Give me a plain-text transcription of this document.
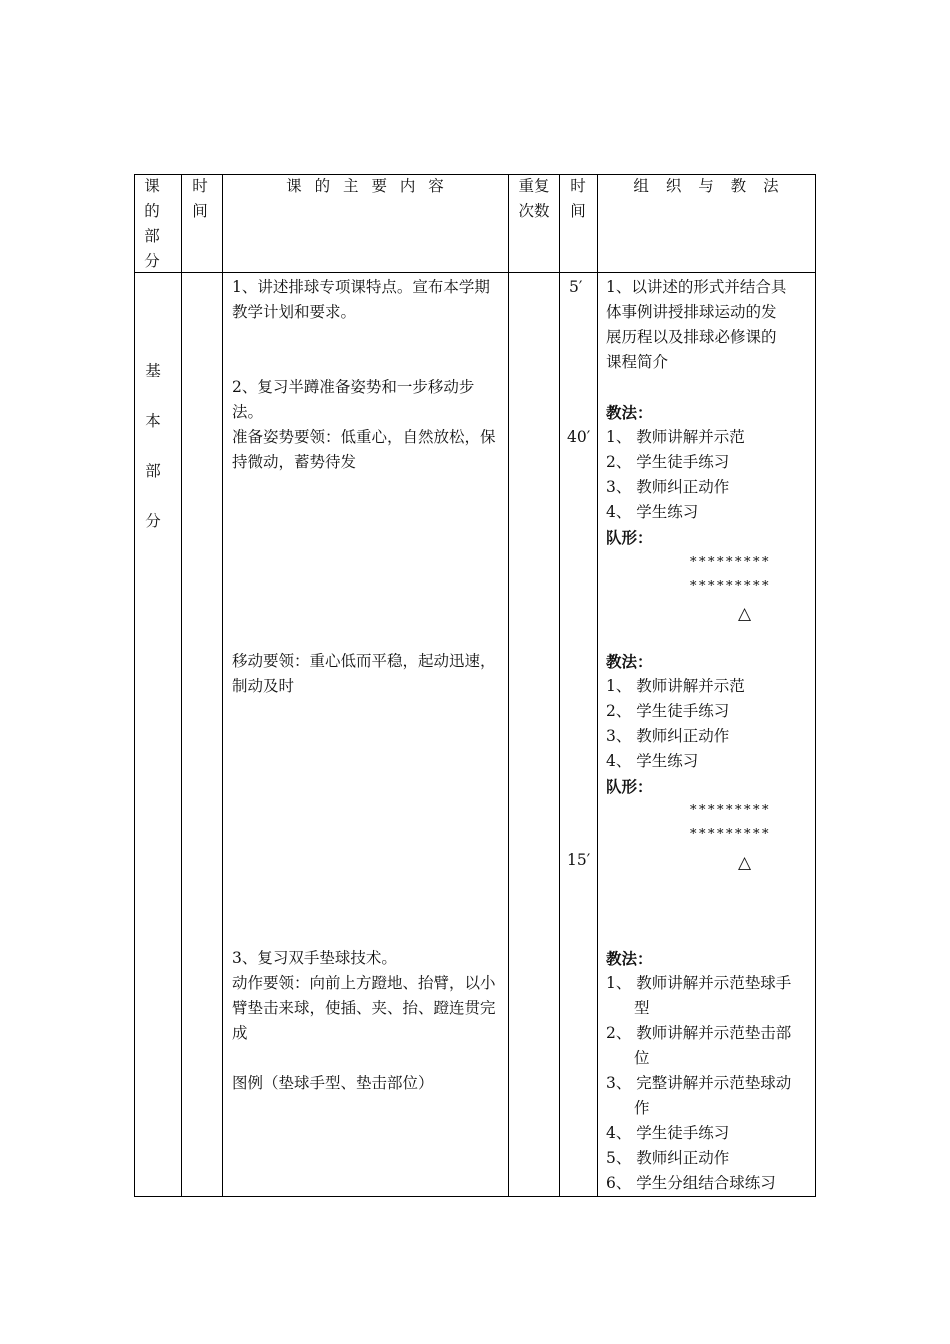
课
的
部
分
时
间
课 的 主 要 内 容	重复
次数
时
间
组 织 与 教 法
基
本
部
分
1、讲述排球专项课特点。宣布本学期
教学计划和要求。
2、复习半蹲准备姿势和一步移动步
法。
准备姿势要领：低重心，自然放松，保
持微动，蓄势待发
移动要领：重心低而平稳，起动迅速，
制动及时
3、复习双手垫球技术。
动作要领：向前上方蹬地、抬臂，以小
臂垫击来球，使插、夹、抬、蹬连贯完
成
图例（垫球手型、垫击部位）
5′
40′
15′
1、以讲述的形式并结合具
体事例讲授排球运动的发
展历程以及排球必修课的
课程简介
教法：
1、 教师讲解并示范
2、 学生徒手练习
3、 教师纠正动作
4、 学生练习
队形：
*********
*********
△
教法：
1、 教师讲解并示范
2、 学生徒手练习
3、 教师纠正动作
4、 学生练习
队形：
*********
*********
△
教法：
1、 教师讲解并示范垫球手
型
2、 教师讲解并示范垫击部
位
3、 完整讲解并示范垫球动
作
4、 学生徒手练习
5、 教师纠正动作
6、 学生分组结合球练习
